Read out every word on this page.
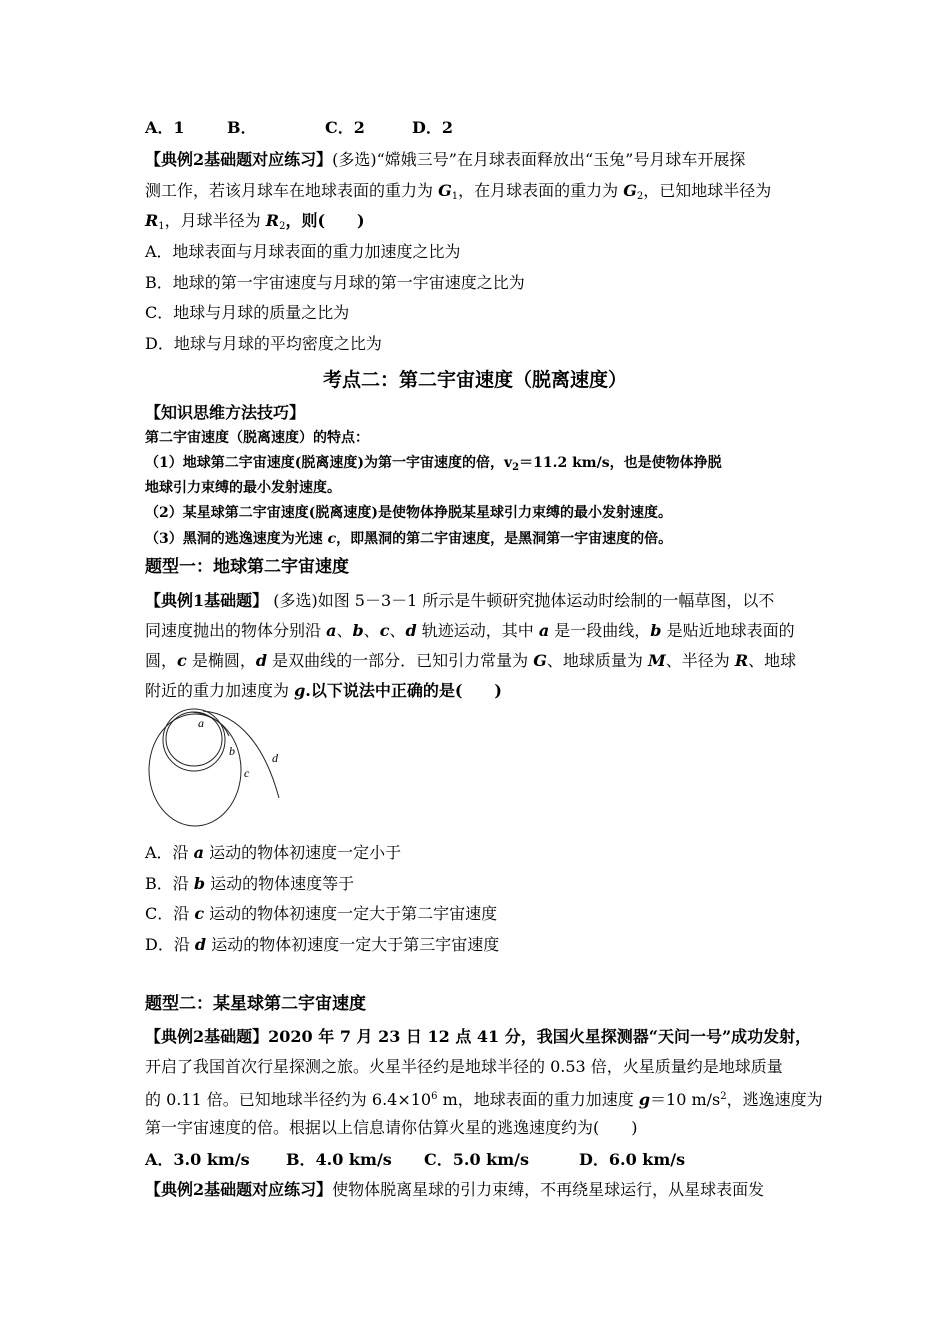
A．1	B．	C．2	D．2
【典例2基础题对应练习】(多选)“嫦娥三号”在月球表面释放出“玉兔”号月球车开展探
测工作，若该月球车在地球表面的重力为 $G_1$，在月球表面的重力为 $G_2$，已知地球半径为
$R_1$，月球半径为 $R_2$，则(　　)
A．地球表面与月球表面的重力加速度之比为
B．地球的第一宇宙速度与月球的第一宇宙速度之比为
C．地球与月球的质量之比为
D．地球与月球的平均密度之比为
考点二：第二宇宙速度（脱离速度）
【知识思维方法技巧】
第二宇宙速度（脱离速度）的特点：
（1）地球第二宇宙速度(脱离速度)为第一宇宙速度的倍，$v_2=11.2$ km/s，也是使物体挣脱
地球引力束缚的最小发射速度。
（2）某星球第二宇宙速度(脱离速度)是使物体挣脱某星球引力束缚的最小发射速度。
（3）黑洞的逃逸速度为光速 c，即黑洞的第二宇宙速度，是黑洞第一宇宙速度的倍。
题型一：地球第二宇宙速度
【典例1基础题】 (多选)如图 5－3－1 所示是牛顿研究抛体运动时绘制的一幅草图，以不
同速度抛出的物体分别沿 a、b、c、d 轨迹运动，其中 a 是一段曲线，b 是贴近地球表面的
圆，c 是椭圆，d 是双曲线的一部分．已知引力常量为 G、地球质量为 M、半径为 R、地球
附近的重力加速度为 g.以下说法中正确的是(　　)
a
b
c
d
A．沿 a 运动的物体初速度一定小于
B．沿 b 运动的物体速度等于
C．沿 c 运动的物体初速度一定大于第二宇宙速度
D．沿 d 运动的物体初速度一定大于第三宇宙速度
题型二：某星球第二宇宙速度
【典例2基础题】2020 年 7 月 23 日 12 点 41 分，我国火星探测器“天问一号”成功发射，
开启了我国首次行星探测之旅。火星半径约是地球半径的 0.53 倍，火星质量约是地球质量
的 0.11 倍。已知地球半径约为 $6.4\times 10^6$ m，地球表面的重力加速度 g＝10 $m/s^2$，逃逸速度为
第一宇宙速度的倍。根据以上信息请你估算火星的逃逸速度约为(　　)
A．3.0 km/s B．4.0 km/s C．5.0 km/s	D．6.0 km/s
【典例2基础题对应练习】使物体脱离星球的引力束缚，不再绕星球运行，从星球表面发
